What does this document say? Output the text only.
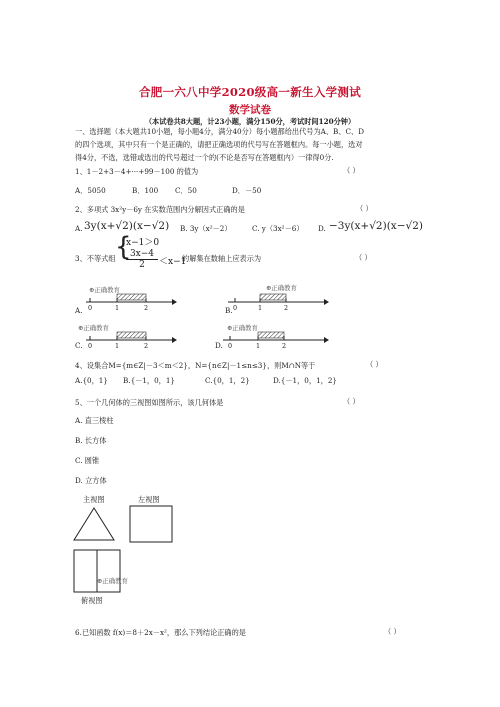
合肥一六八中学2020级高一新生入学测试
数学试卷
（本试卷共8大题，计23小题，满分150分，考试时间120分钟）
一、选择题（本大题共10小题，每小题4分，满分40分）每小题都给出代号为A、B、C、D
的四个选项，其中只有一个是正确的，请把正确选项的代号写在答题框内。每一小题，选对
得4分，不选，选错或选出的代号超过一个的(不论是否写在答题框内）一律得0分.
1、1－2+3－4+···+99－100 的值为	（ ）
A．5050	B．100 C．50	D．－50
2、多项式 3x²y－6y 在实数范围内分解因式正确的是	（ ）
A. 3y(x+√2)(x−√2) B. 3y（x²－2）	C. y（3x²－6） D. −3y(x+√2)(x−√2)
3、不等式组 {
x−1＞0
3x−4
2	＜x−1
的解集在数轴上应表示为	（ ）
A.
⊕正确教育
0	1	2	B.
⊕正确教育
0	1	2
C.
⊕正确教育
0	1	2	D.
⊕正确教育
0	1	2
4、设集合M={m∈Z|－3＜m＜2}，N={n∈Z|－1≤n≤3}，则M∩N等于	（ ）
A.{0，1} B.{－1，0，1}	C.{0，1，2}	D.{－1，0，1，2}
5、一个几何体的三视图如图所示，该几何体是	（ ）
A. 直三棱柱
B. 长方体
C. 圆锥
D. 立方体
主视图	左视图
⊕正确教育
俯视图
6.已知函数 f(x)＝8＋2x－x²，那么下列结论正确的是	（ ）
